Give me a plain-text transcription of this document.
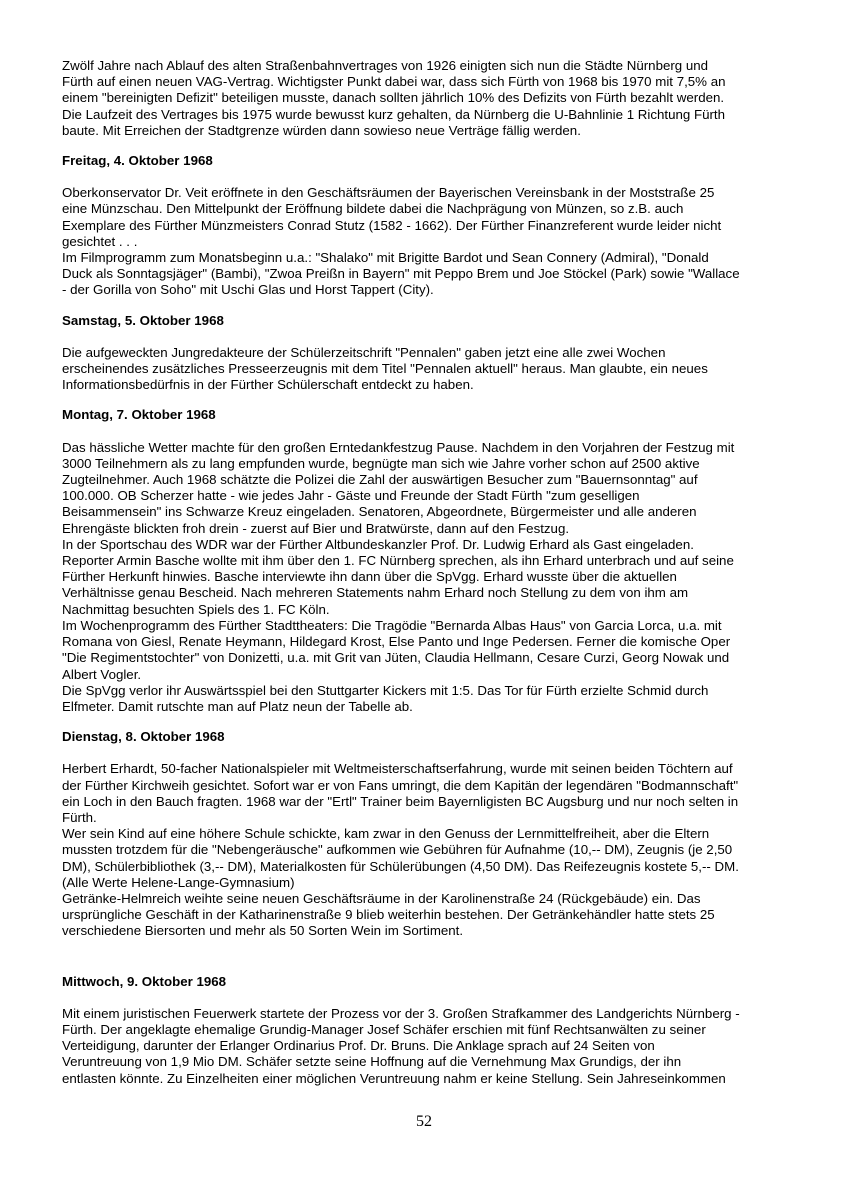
Zwölf Jahre nach Ablauf des alten Straßenbahnvertrages von 1926 einigten sich nun die Städte Nürnberg und
Fürth auf einen neuen VAG-Vertrag. Wichtigster Punkt dabei war, dass sich Fürth von 1968 bis 1970 mit 7,5% an
einem "bereinigten Defizit" beteiligen musste, danach sollten jährlich 10% des Defizits von Fürth bezahlt werden.
Die Laufzeit des Vertrages bis 1975 wurde bewusst kurz gehalten, da Nürnberg die U-Bahnlinie 1 Richtung Fürth
baute. Mit Erreichen der Stadtgrenze würden dann sowieso neue Verträge fällig werden.
Freitag, 4. Oktober 1968
Oberkonservator Dr. Veit eröffnete in den Geschäftsräumen der Bayerischen Vereinsbank in der Moststraße 25
eine Münzschau. Den Mittelpunkt der Eröffnung bildete dabei die Nachprägung von Münzen, so z.B. auch
Exemplare des Fürther Münzmeisters Conrad Stutz (1582 - 1662). Der Fürther Finanzreferent wurde leider nicht
gesichtet . . .
Im Filmprogramm zum Monatsbeginn u.a.: "Shalako" mit Brigitte Bardot und Sean Connery (Admiral), "Donald
Duck als Sonntagsjäger" (Bambi), "Zwoa Preißn in Bayern" mit Peppo Brem und Joe Stöckel (Park) sowie "Wallace
- der Gorilla von Soho" mit Uschi Glas und Horst Tappert (City).
Samstag, 5. Oktober 1968
Die aufgeweckten Jungredakteure der Schülerzeitschrift "Pennalen" gaben jetzt eine alle zwei Wochen
erscheinendes zusätzliches Presseerzeugnis mit dem Titel "Pennalen aktuell" heraus. Man glaubte, ein neues
Informationsbedürfnis in der Fürther Schülerschaft entdeckt zu haben.
Montag, 7. Oktober 1968
Das hässliche Wetter machte für den großen Erntedankfestzug Pause. Nachdem in den Vorjahren der Festzug mit
3000 Teilnehmern als zu lang empfunden wurde, begnügte man sich wie Jahre vorher schon auf 2500 aktive
Zugteilnehmer. Auch 1968 schätzte die Polizei die Zahl der auswärtigen Besucher zum "Bauernsonntag" auf
100.000. OB Scherzer hatte - wie jedes Jahr - Gäste und Freunde der Stadt Fürth "zum geselligen
Beisammensein" ins Schwarze Kreuz eingeladen. Senatoren, Abgeordnete, Bürgermeister und alle anderen
Ehrengäste blickten froh drein - zuerst auf Bier und Bratwürste, dann auf den Festzug.
In der Sportschau des WDR war der Fürther Altbundeskanzler Prof. Dr. Ludwig Erhard als Gast eingeladen.
Reporter Armin Basche wollte mit ihm über den 1. FC Nürnberg sprechen, als ihn Erhard unterbrach und auf seine
Fürther Herkunft hinwies. Basche interviewte ihn dann über die SpVgg. Erhard wusste über die aktuellen
Verhältnisse genau Bescheid. Nach mehreren Statements nahm Erhard noch Stellung zu dem von ihm am
Nachmittag besuchten Spiels des 1. FC Köln.
Im Wochenprogramm des Fürther Stadttheaters: Die Tragödie "Bernarda Albas Haus" von Garcia Lorca, u.a. mit
Romana von Giesl, Renate Heymann, Hildegard Krost, Else Panto und Inge Pedersen. Ferner die komische Oper
"Die Regimentstochter" von Donizetti, u.a. mit Grit van Jüten, Claudia Hellmann, Cesare Curzi, Georg Nowak und
Albert Vogler.
Die SpVgg verlor ihr Auswärtsspiel bei den Stuttgarter Kickers mit 1:5. Das Tor für Fürth erzielte Schmid durch
Elfmeter. Damit rutschte man auf Platz neun der Tabelle ab.
Dienstag, 8. Oktober 1968
Herbert Erhardt, 50-facher Nationalspieler mit Weltmeisterschaftserfahrung, wurde mit seinen beiden Töchtern auf
der Fürther Kirchweih gesichtet. Sofort war er von Fans umringt, die dem Kapitän der legendären "Bodmannschaft"
ein Loch in den Bauch fragten. 1968 war der "Ertl" Trainer beim Bayernligisten BC Augsburg und nur noch selten in
Fürth.
Wer sein Kind auf eine höhere Schule schickte, kam zwar in den Genuss der Lernmittelfreiheit, aber die Eltern
mussten trotzdem für die "Nebengeräusche" aufkommen wie Gebühren für Aufnahme (10,-- DM), Zeugnis (je 2,50
DM), Schülerbibliothek (3,-- DM), Materialkosten für Schülerübungen (4,50 DM). Das Reifezeugnis kostete 5,-- DM.
(Alle Werte Helene-Lange-Gymnasium)
Getränke-Helmreich weihte seine neuen Geschäftsräume in der Karolinenstraße 24 (Rückgebäude) ein. Das
ursprüngliche Geschäft in der Katharinenstraße 9 blieb weiterhin bestehen. Der Getränkehändler hatte stets 25
verschiedene Biersorten und mehr als 50 Sorten Wein im Sortiment.
Mittwoch, 9. Oktober 1968
Mit einem juristischen Feuerwerk startete der Prozess vor der 3. Großen Strafkammer des Landgerichts Nürnberg -
Fürth. Der angeklagte ehemalige Grundig-Manager Josef Schäfer erschien mit fünf Rechtsanwälten zu seiner
Verteidigung, darunter der Erlanger Ordinarius Prof. Dr. Bruns. Die Anklage sprach auf 24 Seiten von
Veruntreuung von 1,9 Mio DM. Schäfer setzte seine Hoffnung auf die Vernehmung Max Grundigs, der ihn
entlasten könnte. Zu Einzelheiten einer möglichen Veruntreuung nahm er keine Stellung. Sein Jahreseinkommen
52
